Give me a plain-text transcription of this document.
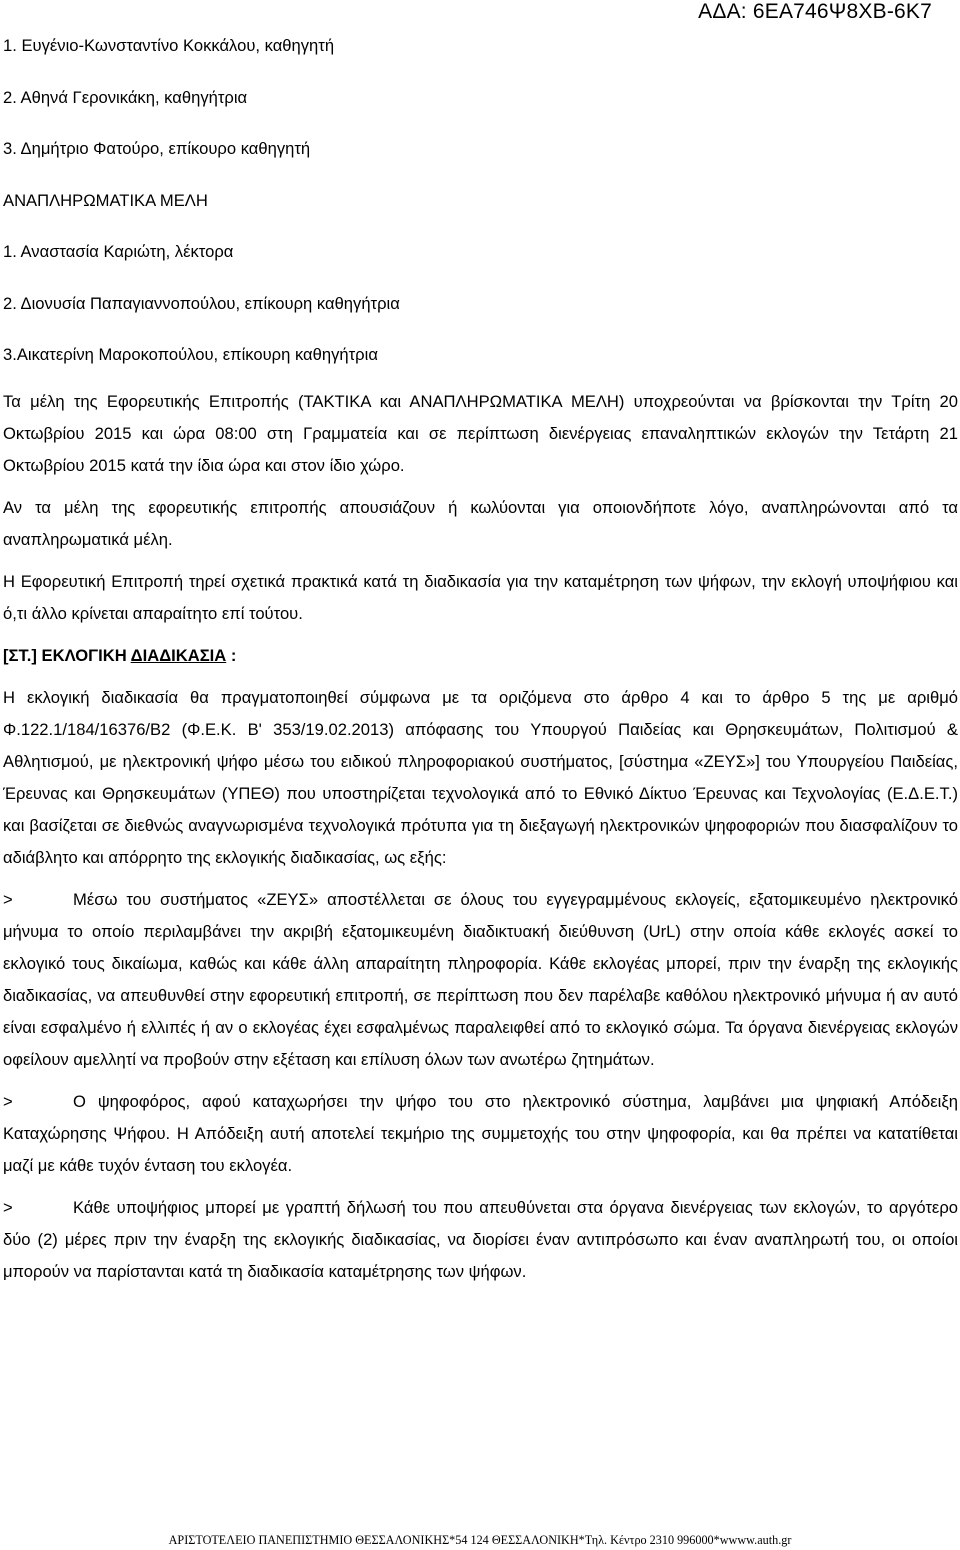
ΑΔΑ: 6ΕΑ746Ψ8ΧΒ-6Κ7
1. Ευγένιο-Κωνσταντίνο Κοκκάλου, καθηγητή
2. Αθηνά Γερονικάκη, καθηγήτρια
3. Δημήτριο Φατούρο, επίκουρο καθηγητή
ΑΝΑΠΛΗΡΩΜΑΤΙΚΑ ΜΕΛΗ
1. Αναστασία Καριώτη, λέκτορα
2. Διονυσία Παπαγιαννοπούλου, επίκουρη καθηγήτρια
3.Αικατερίνη Μαροκοπούλου, επίκουρη καθηγήτρια
Τα μέλη της Εφορευτικής Επιτροπής (ΤΑΚΤΙΚΑ και ΑΝΑΠΛΗΡΩΜΑΤΙΚΑ ΜΕΛΗ) υποχρεούνται να βρίσκονται την Τρίτη 20 Οκτωβρίου 2015 και ώρα 08:00 στη Γραμματεία και σε περίπτωση διενέργειας επαναληπτικών εκλογών την Τετάρτη 21 Οκτωβρίου 2015 κατά την ίδια ώρα και στον ίδιο χώρο.
Αν τα μέλη της εφορευτικής επιτροπής απουσιάζουν ή κωλύονται για οποιονδήποτε λόγο, αναπληρώνονται από τα αναπληρωματικά μέλη.
Η Εφορευτική Επιτροπή τηρεί σχετικά πρακτικά κατά τη διαδικασία για την καταμέτρηση των ψήφων, την εκλογή υποψήφιου και ό,τι άλλο κρίνεται απαραίτητο επί τούτου.
[ΣΤ.] ΕΚΛΟΓΙΚΗ ΔΙΑΔΙΚΑΣΙΑ :
Η εκλογική διαδικασία θα πραγματοποιηθεί σύμφωνα με τα οριζόμενα στο άρθρο 4 και το άρθρο 5 της με αριθμό Φ.122.1/184/16376/Β2 (Φ.Ε.Κ. Β' 353/19.02.2013) απόφασης του Υπουργού Παιδείας και Θρησκευμάτων, Πολιτισμού & Αθλητισμού, με ηλεκτρονική ψήφο μέσω του ειδικού πληροφοριακού συστήματος, [σύστημα «ΖΕΥΣ»] του Υπουργείου Παιδείας, Έρευνας και Θρησκευμάτων (ΥΠΕΘ) που υποστηρίζεται τεχνολογικά από το Εθνικό Δίκτυο Έρευνας και Τεχνολογίας (Ε.Δ.Ε.Τ.) και βασίζεται σε διεθνώς αναγνωρισμένα τεχνολογικά πρότυπα για τη διεξαγωγή ηλεκτρονικών ψηφοφοριών που διασφαλίζουν το αδιάβλητο και απόρρητο της εκλογικής διαδικασίας, ως εξής:
>	Μέσω του συστήματος «ΖΕΥΣ» αποστέλλεται σε όλους του εγγεγραμμένους εκλογείς, εξατομικευμένο ηλεκτρονικό μήνυμα το οποίο περιλαμβάνει την ακριβή εξατομικευμένη διαδικτυακή διεύθυνση (UrL) στην οποία κάθε εκλογές ασκεί το εκλογικό τους δικαίωμα, καθώς και κάθε άλλη απαραίτητη πληροφορία. Κάθε εκλογέας μπορεί, πριν την έναρξη της εκλογικής διαδικασίας, να απευθυνθεί στην εφορευτική επιτροπή, σε περίπτωση που δεν παρέλαβε καθόλου ηλεκτρονικό μήνυμα ή αν αυτό είναι εσφαλμένο ή ελλιπές ή αν ο εκλογέας έχει εσφαλμένως παραλειφθεί από το εκλογικό σώμα. Τα όργανα διενέργειας εκλογών οφείλουν αμελλητί να προβούν στην εξέταση και επίλυση όλων των ανωτέρω ζητημάτων.
>	Ο ψηφοφόρος, αφού καταχωρήσει την ψήφο του στο ηλεκτρονικό σύστημα, λαμβάνει μια ψηφιακή Απόδειξη Καταχώρησης Ψήφου. Η Απόδειξη αυτή αποτελεί τεκμήριο της συμμετοχής του στην ψηφοφορία, και θα πρέπει να κατατίθεται μαζί με κάθε τυχόν ένταση του εκλογέα.
>	Κάθε υποψήφιος μπορεί με γραπτή δήλωσή του που απευθύνεται στα όργανα διενέργειας των εκλογών, το αργότερο δύο (2) μέρες πριν την έναρξη της εκλογικής διαδικασίας, να διορίσει έναν αντιπρόσωπο και έναν αναπληρωτή του, οι οποίοι μπορούν να παρίστανται κατά τη διαδικασία καταμέτρησης των ψήφων.
ΑΡΙΣΤΟΤΕΛΕΙΟ ΠΑΝΕΠΙΣΤΗΜΙΟ ΘΕΣΣΑΛΟΝΙΚΗΣ*54 124 ΘΕΣΣΑΛΟΝΙΚΗ*Τηλ. Κέντρο 2310 996000*wwww.auth.gr
